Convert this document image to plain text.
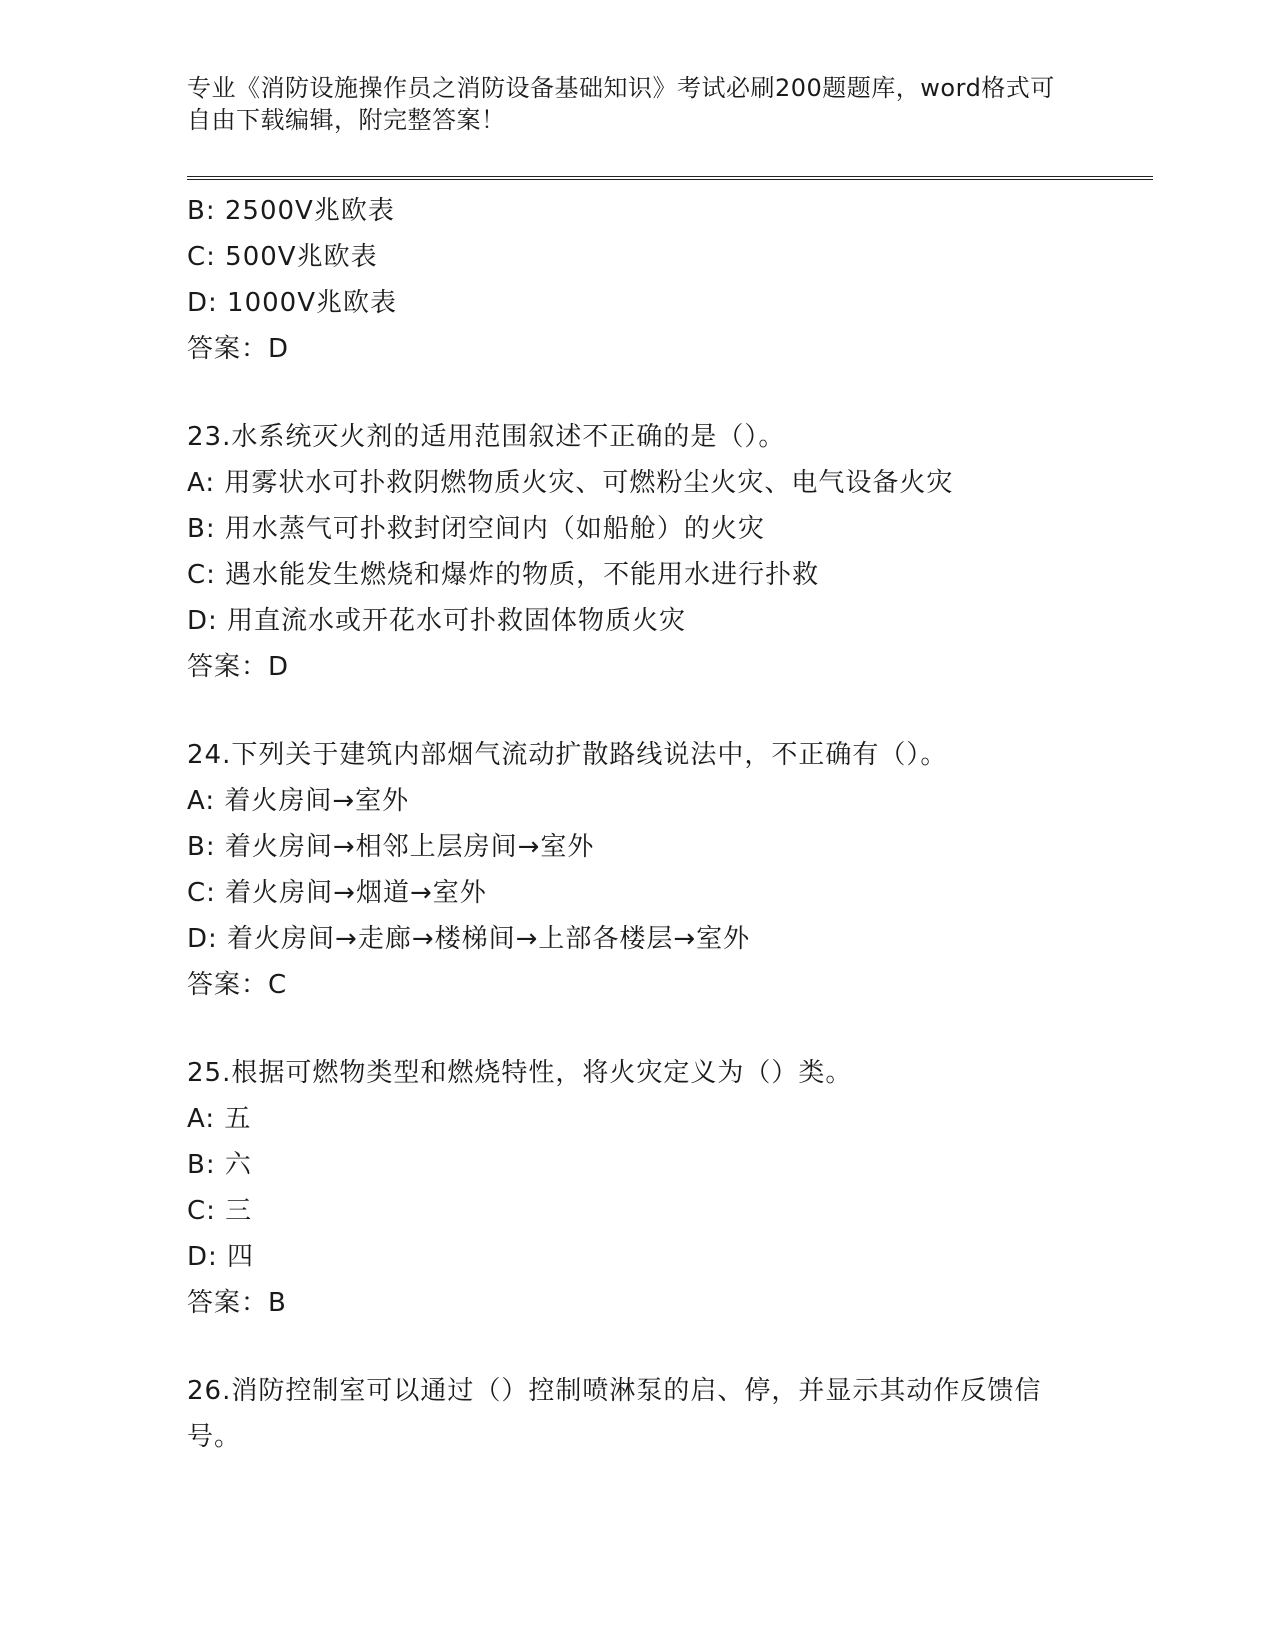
专业《消防设施操作员之消防设备基础知识》考试必刷200题题库，word格式可自由下载编辑，附完整答案！
B: 2500V兆欧表
C: 500V兆欧表
D: 1000V兆欧表
答案：D
23.水系统灭火剂的适用范围叙述不正确的是（）。
A: 用雾状水可扑救阴燃物质火灾、可燃粉尘火灾、电气设备火灾
B: 用水蒸气可扑救封闭空间内（如船舱）的火灾
C: 遇水能发生燃烧和爆炸的物质，不能用水进行扑救
D: 用直流水或开花水可扑救固体物质火灾
答案：D
24.下列关于建筑内部烟气流动扩散路线说法中，不正确有（）。
A: 着火房间→室外
B: 着火房间→相邻上层房间→室外
C: 着火房间→烟道→室外
D: 着火房间→走廊→楼梯间→上部各楼层→室外
答案：C
25.根据可燃物类型和燃烧特性，将火灾定义为（）类。
A: 五
B: 六
C: 三
D: 四
答案：B
26.消防控制室可以通过（）控制喷淋泵的启、停，并显示其动作反馈信号。
